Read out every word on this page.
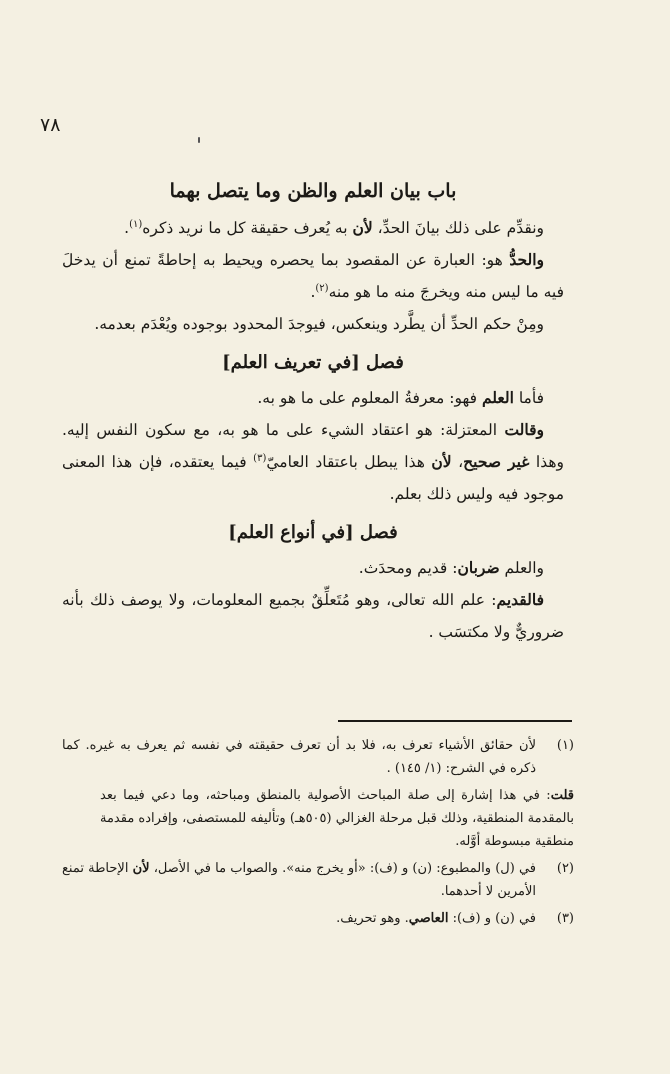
٧٨
باب بيان العلم والظن وما يتصل بهما

ونقدِّم على ذلك بيانَ الحدِّ، لأن به يُعرف حقيقة كل ما نريد ذكره$^{(١)}$.

والحدُّ هو: العبارة عن المقصود بما يحصره ويحيط به إحاطةً تمنع أن يدخلَ فيه ما ليس منه ويخرجَ منه ما هو منه$^{(٢)}$.

ومِنْ حكم الحدِّ أن يطَّرد وينعكس، فيوجدَ المحدود بوجوده ويُعْدَم بعدمه.

فصل [في تعريف العلم]

فأما العلم فهو: معرفةُ المعلوم على ما هو به.

وقالت المعتزلة: هو اعتقاد الشيء على ما هو به، مع سكون النفس إليه. وهذا غير صحيح، لأن هذا يبطل باعتقاد العاميّ$^{(٣)}$ فيما يعتقده، فإن هذا المعنى موجود فيه وليس ذلك بعلم.

فصل [في أنواع العلم]

والعلم ضربان: قديم ومحدَث.

فالقديم: علم الله تعالى، وهو مُتَعلِّقٌ بجميع المعلومات، ولا يوصف ذلك بأنه ضروريٌّ ولا مكتسَب .

(١)

لأن حقائق الأشياء تعرف به، فلا بد أن تعرف حقيقته في نفسه ثم يعرف به غيره. كما ذكره في الشرح: (١/ ١٤٥) .

قلت: في هذا إشارة إلى صلة المباحث الأصولية بالمنطق ومباحثه، وما دعي فيما بعد بالمقدمة المنطقية، وذلك قبل مرحلة الغزالي (٥٠٥هـ) وتأليفه للمستصفى، وإفراده مقدمة منطقية مبسوطة أوَّله.

(٢)

في (ل) والمطبوع: (ن) و (ف): «أو يخرج منه». والصواب ما في الأصل، لأن الإحاطة تمنع الأمرين لا أحدهما.

(٣)

في (ن) و (ف): العاصي. وهو تحريف.
